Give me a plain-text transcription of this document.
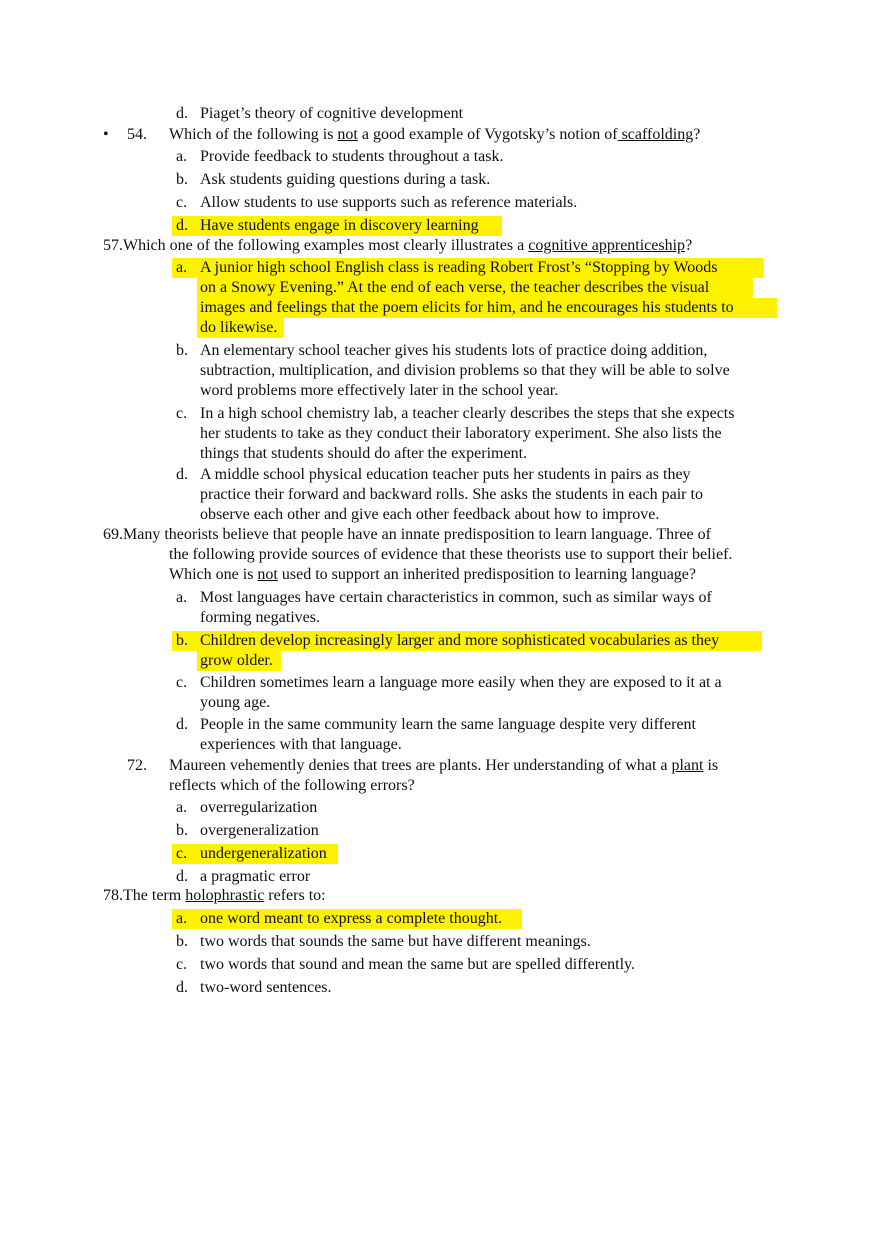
d. Piaget’s theory of cognitive development
• 54. Which of the following is not a good example of Vygotsky’s notion of scaffolding?
a. Provide feedback to students throughout a task.
b. Ask students guiding questions during a task.
c. Allow students to use supports such as reference materials.
d. Have students engage in discovery learning
57.Which one of the following examples most clearly illustrates a cognitive apprenticeship?
a. A junior high school English class is reading Robert Frost’s “Stopping by Woods
on a Snowy Evening.” At the end of each verse, the teacher describes the visual
images and feelings that the poem elicits for him, and he encourages his students to
do likewise.
b. An elementary school teacher gives his students lots of practice doing addition,
subtraction, multiplication, and division problems so that they will be able to solve
word problems more effectively later in the school year.
c. In a high school chemistry lab, a teacher clearly describes the steps that she expects
her students to take as they conduct their laboratory experiment. She also lists the
things that students should do after the experiment.
d. A middle school physical education teacher puts her students in pairs as they
practice their forward and backward rolls. She asks the students in each pair to
observe each other and give each other feedback about how to improve.
69.Many theorists believe that people have an innate predisposition to learn language. Three of
the following provide sources of evidence that these theorists use to support their belief.
Which one is not used to support an inherited predisposition to learning language?
a. Most languages have certain characteristics in common, such as similar ways of
forming negatives.
b. Children develop increasingly larger and more sophisticated vocabularies as they
grow older.
c. Children sometimes learn a language more easily when they are exposed to it at a
young age.
d. People in the same community learn the same language despite very different
experiences with that language.
72. Maureen vehemently denies that trees are plants. Her understanding of what a plant is
reflects which of the following errors?
a. overregularization
b. overgeneralization
c. undergeneralization
d. a pragmatic error
78.The term holophrastic refers to:
a. one word meant to express a complete thought.
b. two words that sounds the same but have different meanings.
c. two words that sound and mean the same but are spelled differently.
d. two-word sentences.
